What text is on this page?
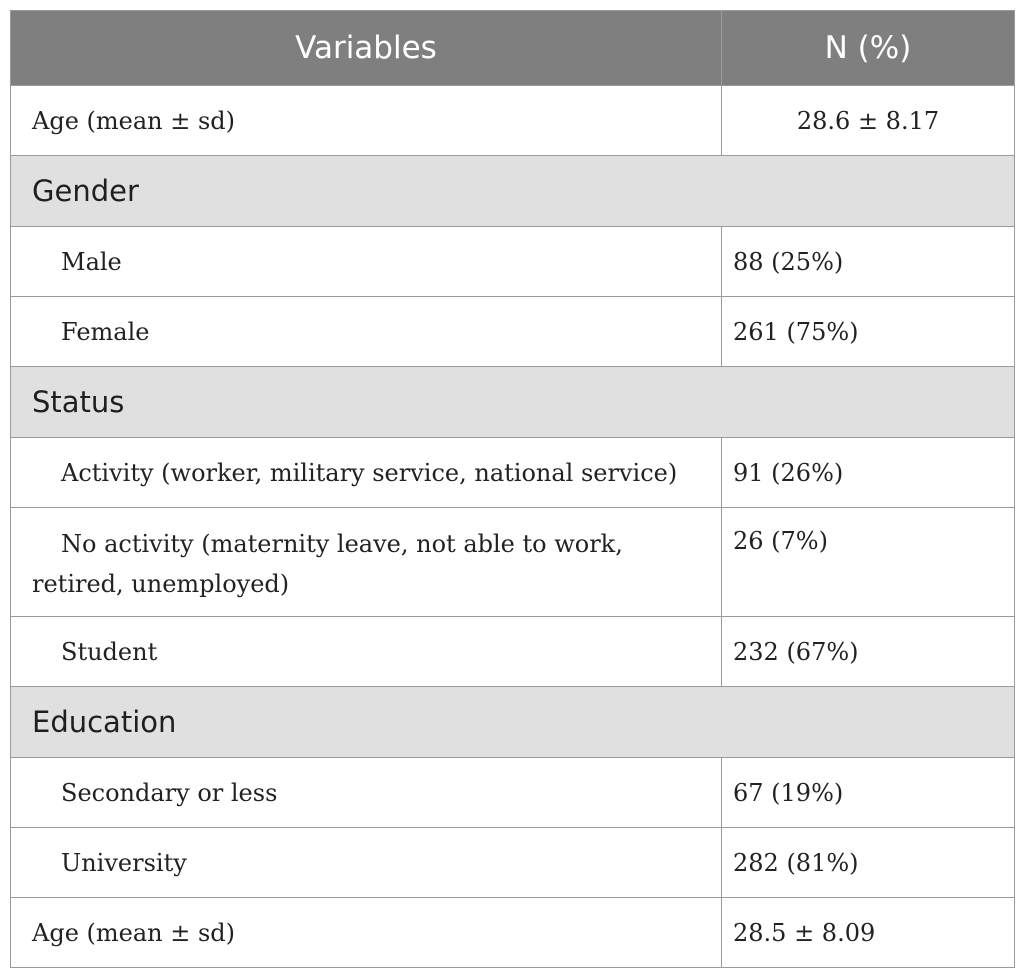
Variables	N (%)
Age (mean ± sd)	28.6 ± 8.17
Gender	
Male	88 (25%)
Female	261 (75%)
Status	
Activity (worker, military service, national service)	91 (26%)
No activity (maternity leave, not able to work, retired, unemployed)	26 (7%)
Student	232 (67%)
Education	
Secondary or less	67 (19%)
University	282 (81%)
Age (mean ± sd)	28.5 ± 8.09
